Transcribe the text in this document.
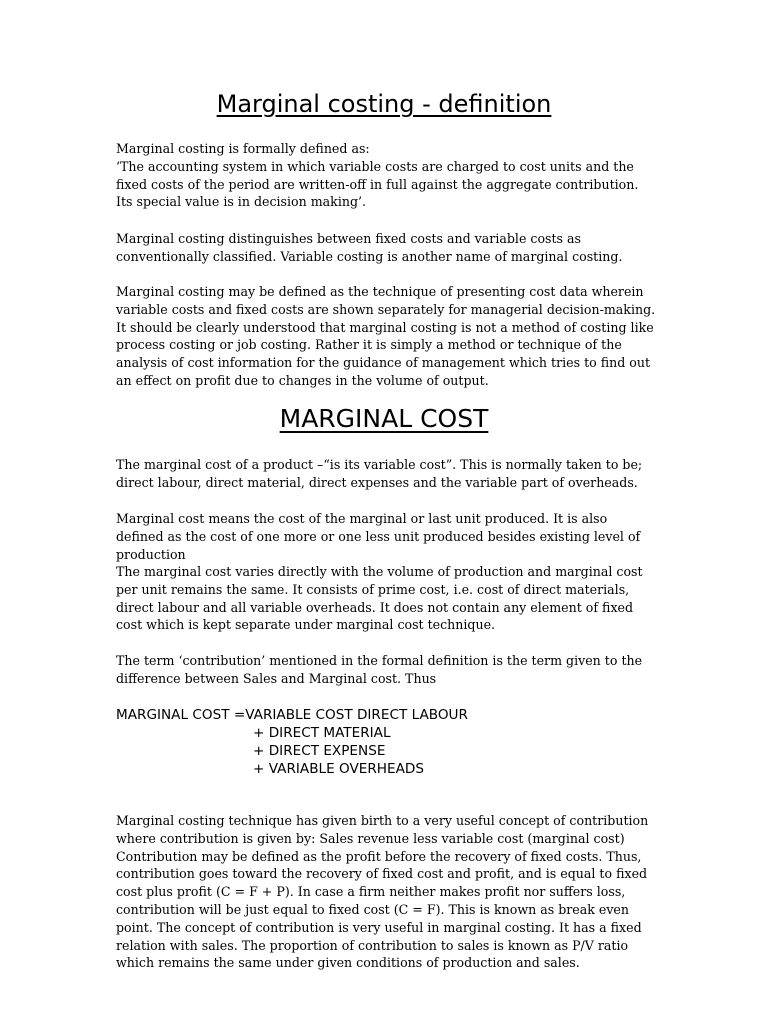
Marginal costing - definition

Marginal costing is formally defined as:
‘The accounting system in which variable costs are charged to cost units and the fixed costs of the period are written-off in full against the aggregate contribution. Its special value is in decision making’.

Marginal costing distinguishes between fixed costs and variable costs as conventionally classified. Variable costing is another name of marginal costing.

Marginal costing may be defined as the technique of presenting cost data wherein variable costs and fixed costs are shown separately for managerial decision-making. It should be clearly understood that marginal costing is not a method of costing like process costing or job costing. Rather it is simply a method or technique of the analysis of cost information for the guidance of management which tries to find out an effect on profit due to changes in the volume of output.

MARGINAL COST

The marginal cost of a product –“is its variable cost”. This is normally taken to be; direct labour, direct material, direct expenses and the variable part of overheads.

Marginal cost means the cost of the marginal or last unit produced. It is also defined as the cost of one more or one less unit produced besides existing level of production

The marginal cost varies directly with the volume of production and marginal cost per unit remains the same. It consists of prime cost, i.e. cost of direct materials, direct labour and all variable overheads. It does not contain any element of fixed cost which is kept separate under marginal cost technique.

The term ‘contribution’ mentioned in the formal definition is the term given to the difference between Sales and Marginal cost. Thus

MARGINAL COST =VARIABLE COST DIRECT LABOUR
+ DIRECT MATERIAL
+ DIRECT EXPENSE
+ VARIABLE OVERHEADS

Marginal costing technique has given birth to a very useful concept of contribution where contribution is given by: Sales revenue less variable cost (marginal cost) Contribution may be defined as the profit before the recovery of fixed costs. Thus, contribution goes toward the recovery of fixed cost and profit, and is equal to fixed cost plus profit (C = F + P). In case a firm neither makes profit nor suffers loss, contribution will be just equal to fixed cost (C = F). This is known as break even point. The concept of contribution is very useful in marginal costing. It has a fixed relation with sales. The proportion of contribution to sales is known as P/V ratio which remains the same under given conditions of production and sales.
